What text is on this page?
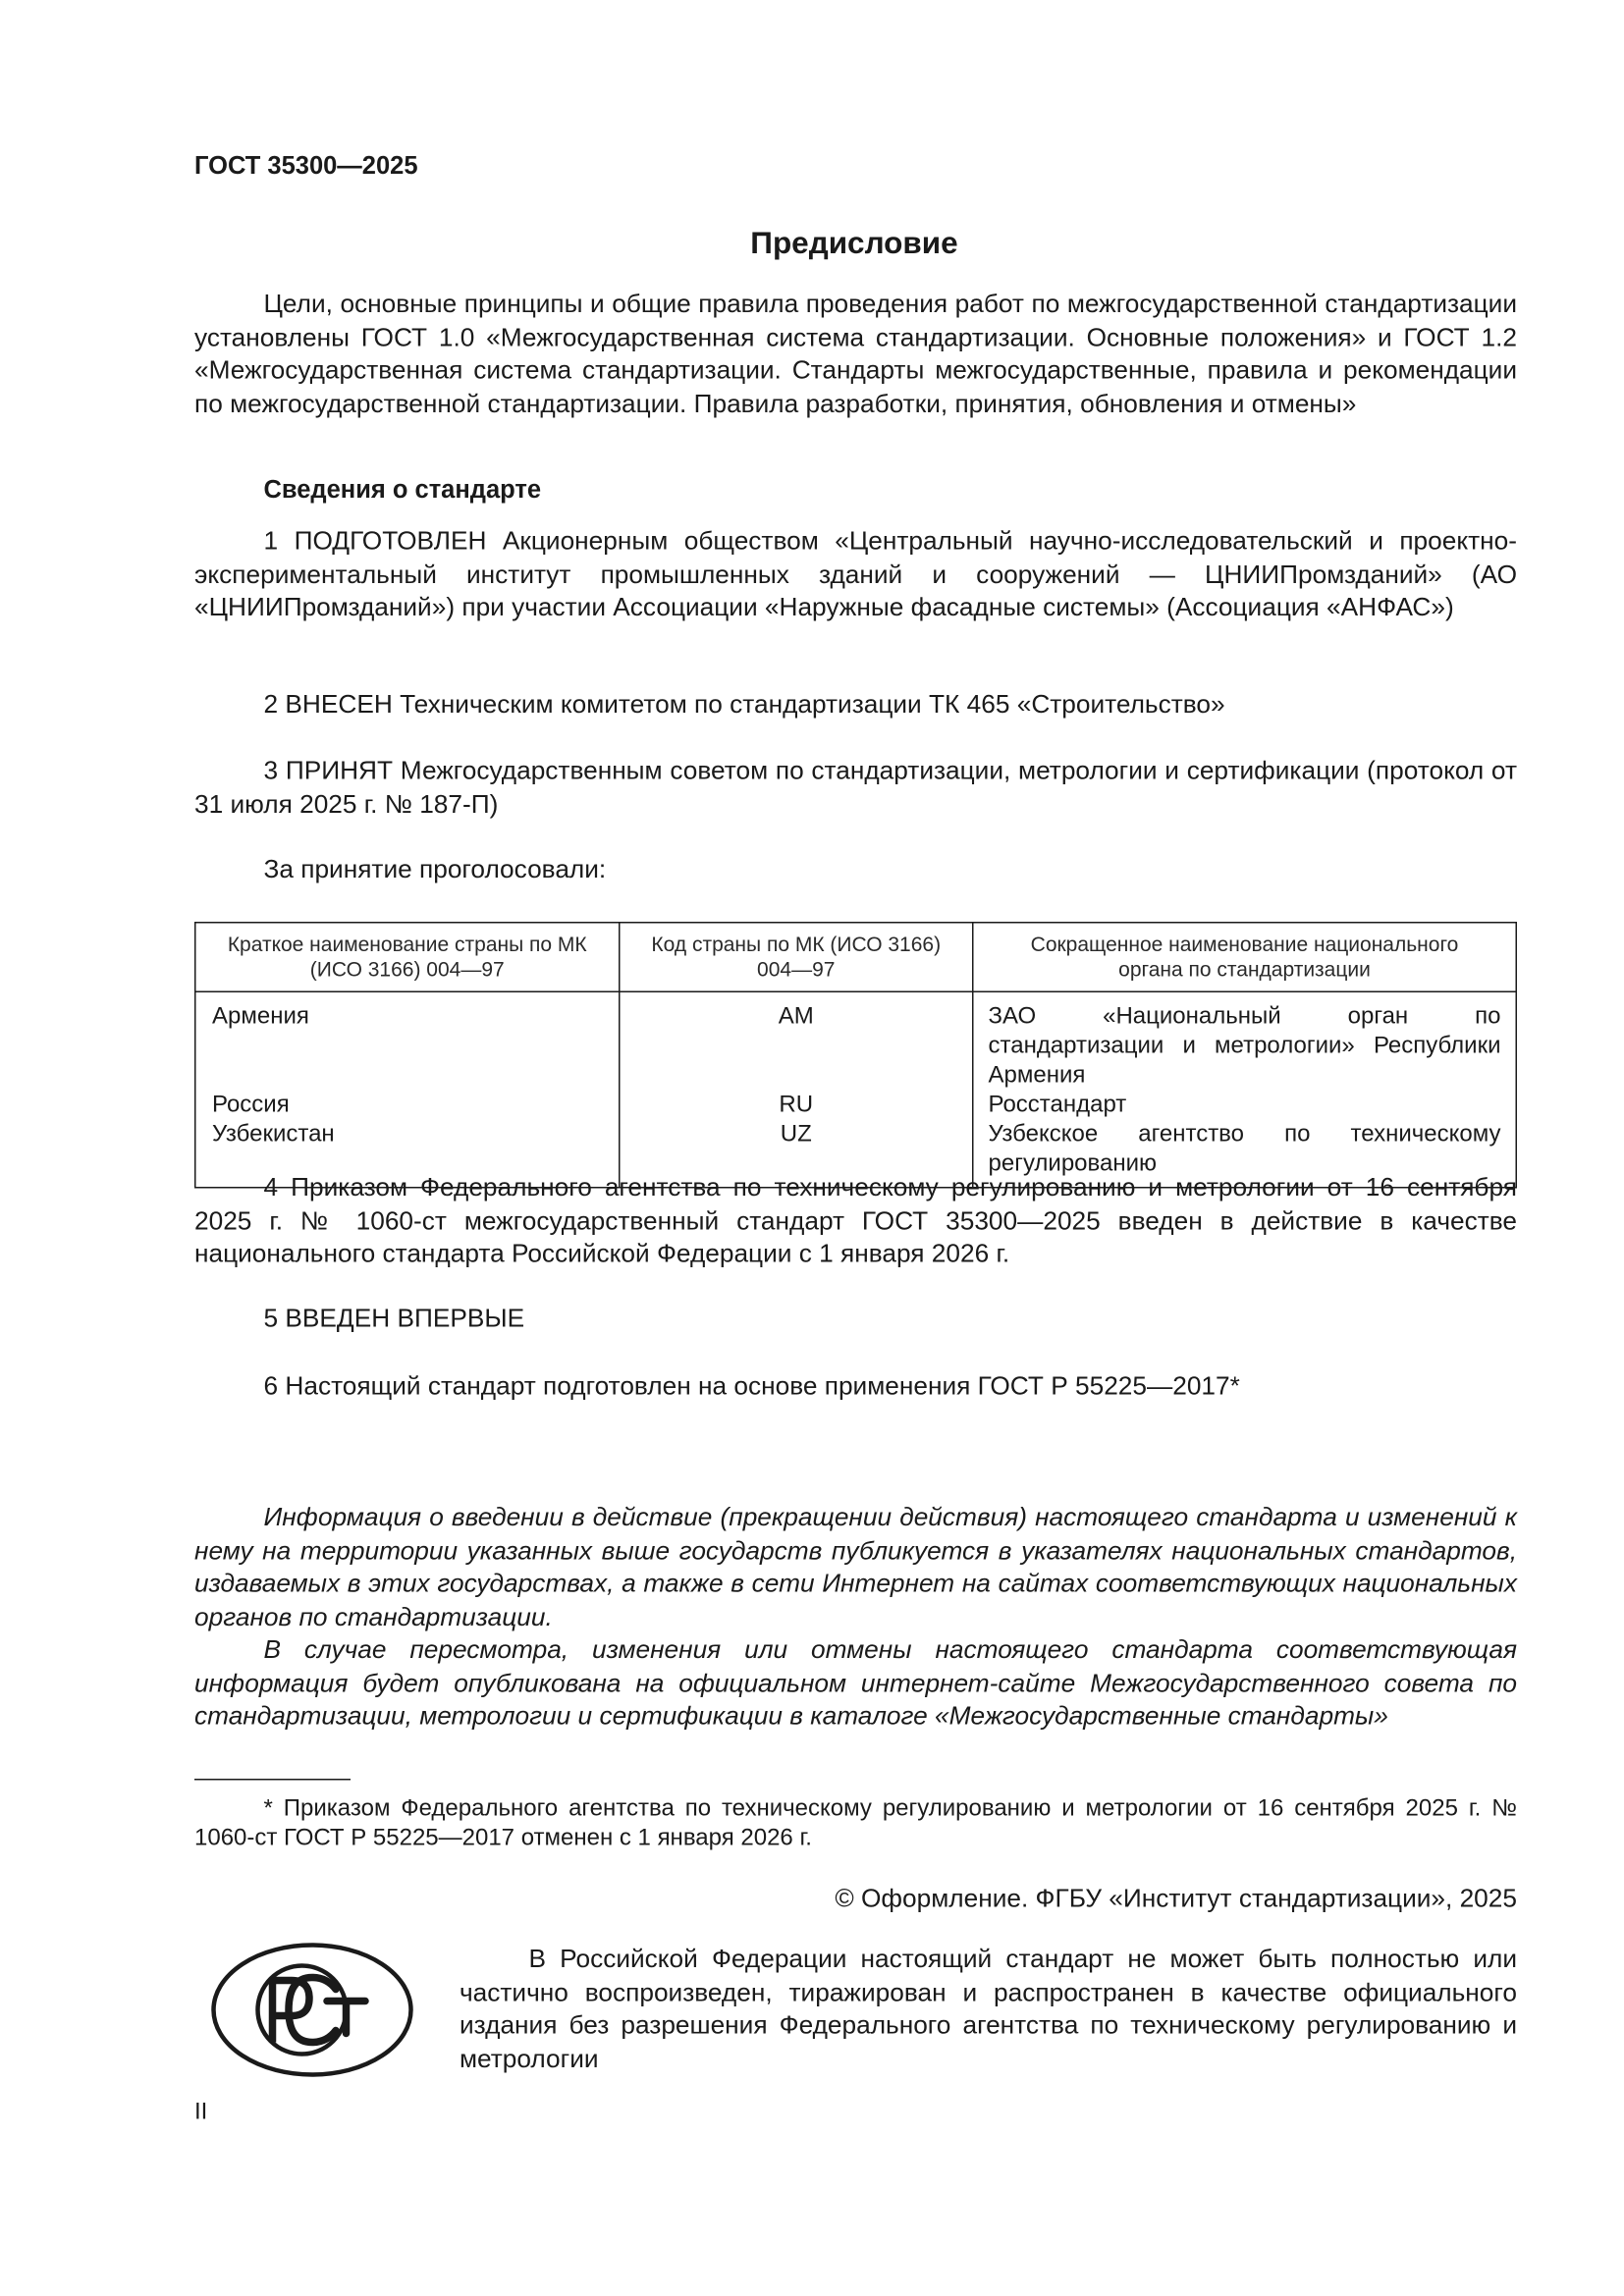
ГОСТ 35300—2025
Предисловие

Цели, основные принципы и общие правила проведения работ по межгосударственной стандартизации установлены ГОСТ 1.0 «Межгосударственная система стандартизации. Основные положения» и ГОСТ 1.2 «Межгосударственная система стандартизации. Стандарты межгосударственные, правила и рекомендации по межгосударственной стандартизации. Правила разработки, принятия, обновления и отмены»

Сведения о стандарте

1 ПОДГОТОВЛЕН Акционерным обществом «Центральный научно-исследовательский и проектно-экспериментальный институт промышленных зданий и сооружений — ЦНИИПромзданий» (АО «ЦНИИПромзданий») при участии Ассоциации «Наружные фасадные системы» (Ассоциация «АНФАС»)

2 ВНЕСЕН Техническим комитетом по стандартизации ТК 465 «Строительство»

3 ПРИНЯТ Межгосударственным советом по стандартизации, метрологии и сертификации (протокол от 31 июля 2025 г. № 187-П)

За принятие проголосовали:
Краткое наименование страны по МК (ИСО 3166) 004—97	Код страны по МК (ИСО 3166) 004—97	Сокращенное наименование национального органа по стандартизации
Армения	AM	ЗАО «Национальный орган по стандартизации и метрологии» Республики Армения
Россия	RU	Росстандарт
Узбекистан	UZ	Узбекское агентство по техническому регулированию

4 Приказом Федерального агентства по техническому регулированию и метрологии от 16 сентября 2025 г. № 1060-ст межгосударственный стандарт ГОСТ 35300—2025 введен в действие в качестве национального стандарта Российской Федерации с 1 января 2026 г.

5 ВВЕДЕН ВПЕРВЫЕ
6 Настоящий стандарт подготовлен на основе применения ГОСТ Р 55225—2017*

Информация о введении в действие (прекращении действия) настоящего стандарта и изменений к нему на территории указанных выше государств публикуется в указателях национальных стандартов, издаваемых в этих государствах, а также в сети Интернет на сайтах соответствующих национальных органов по стандартизации.

В случае пересмотра, изменения или отмены настоящего стандарта соответствующая информация будет опубликована на официальном интернет-сайте Межгосударственного совета по стандартизации, метрологии и сертификации в каталоге «Межгосударственные стандарты»

* Приказом Федерального агентства по техническому регулированию и метрологии от 16 сентября 2025 г. № 1060-ст ГОСТ Р 55225—2017 отменен с 1 января 2026 г.

© Оформление. ФГБУ «Институт стандартизации», 2025

В Российской Федерации настоящий стандарт не может быть полностью или частично воспроизведен, тиражирован и распространен в качестве официального издания без разрешения Федерального агентства по техническому регулированию и метрологии

II
